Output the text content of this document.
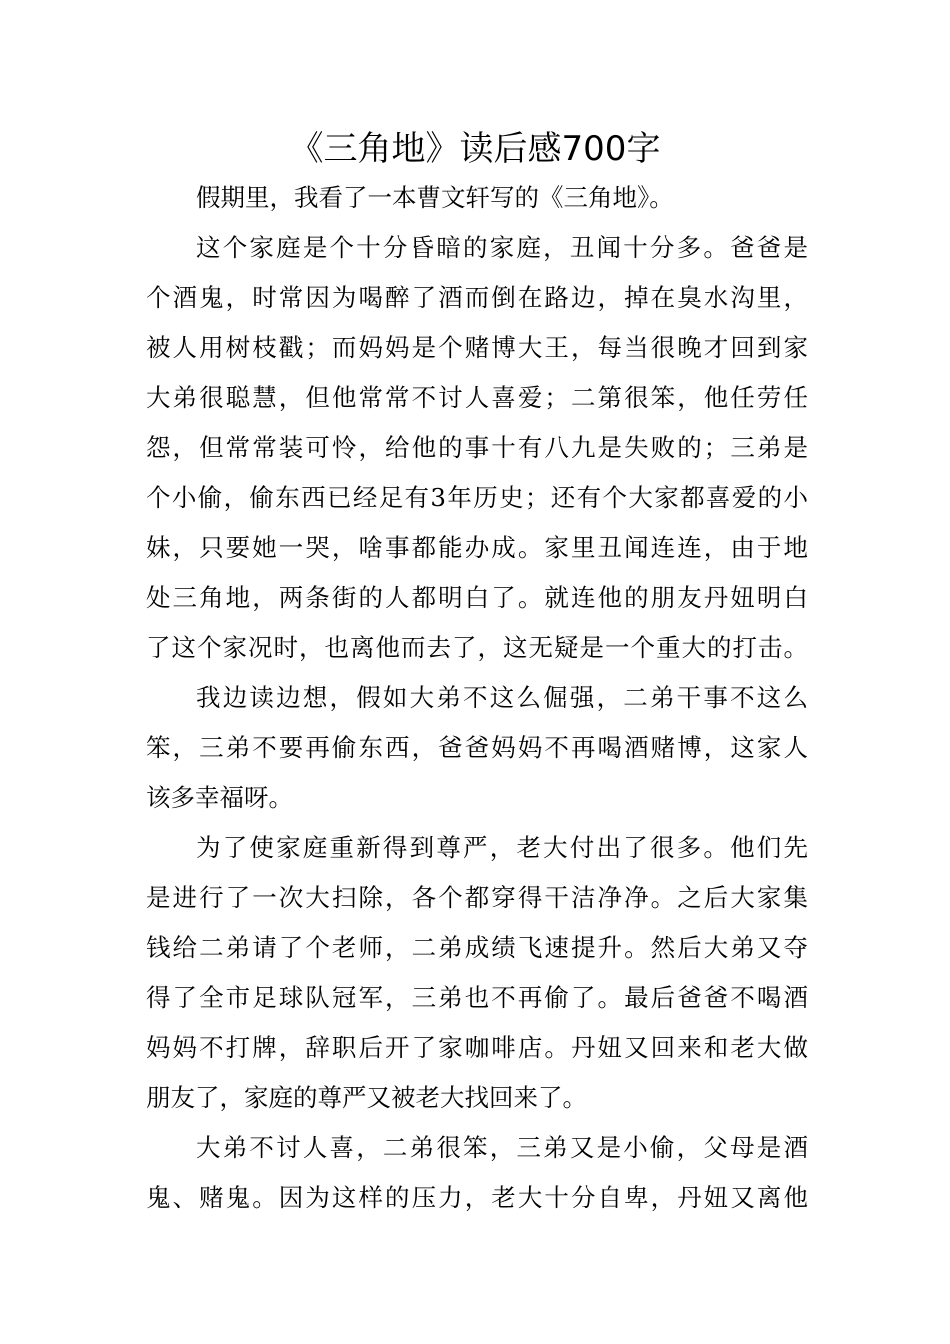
《三角地》读后感700字
假期里，我看了一本曹文轩写的《三角地》。
这个家庭是个十分昏暗的家庭，丑闻十分多。爸爸是
个酒鬼，时常因为喝醉了酒而倒在路边，掉在臭水沟里，
被人用树枝戳；而妈妈是个赌博大王，每当很晚才回到家
大弟很聪慧，但他常常不讨人喜爱；二第很笨，他任劳任
怨，但常常装可怜，给他的事十有八九是失败的；三弟是
个小偷，偷东西已经足有3年历史；还有个大家都喜爱的小
妹，只要她一哭，啥事都能办成。家里丑闻连连，由于地
处三角地，两条街的人都明白了。就连他的朋友丹妞明白
了这个家况时，也离他而去了，这无疑是一个重大的打击。
我边读边想，假如大弟不这么倔强，二弟干事不这么
笨，三弟不要再偷东西，爸爸妈妈不再喝酒赌博，这家人
该多幸福呀。
为了使家庭重新得到尊严，老大付出了很多。他们先
是进行了一次大扫除，各个都穿得干洁净净。之后大家集
钱给二弟请了个老师，二弟成绩飞速提升。然后大弟又夺
得了全市足球队冠军，三弟也不再偷了。最后爸爸不喝酒
妈妈不打牌，辞职后开了家咖啡店。丹妞又回来和老大做
朋友了，家庭的尊严又被老大找回来了。
大弟不讨人喜，二弟很笨，三弟又是小偷，父母是酒
鬼、赌鬼。因为这样的压力，老大十分自卑，丹妞又离他
